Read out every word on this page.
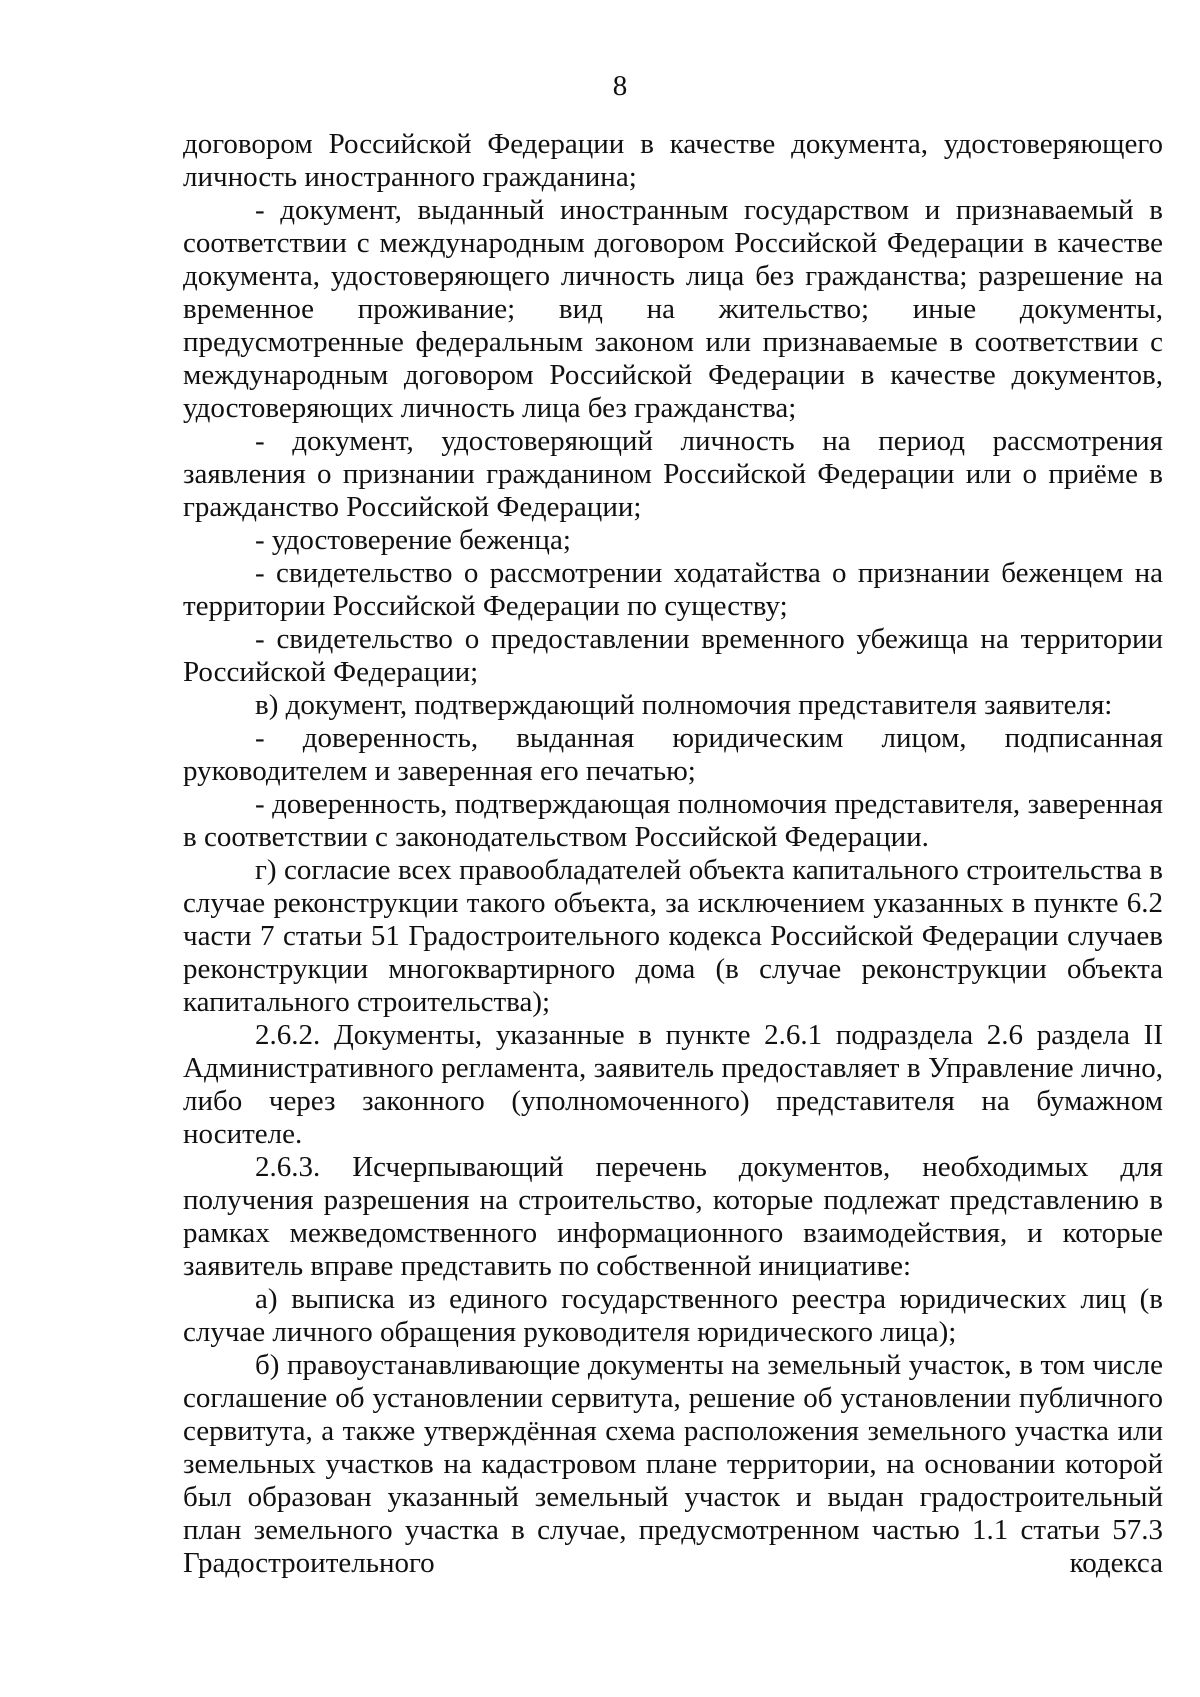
8

договором Российской Федерации в качестве документа, удостоверяющего личность иностранного гражданина;

- документ, выданный иностранным государством и признаваемый в соответствии с международным договором Российской Федерации в качестве документа, удостоверяющего личность лица без гражданства; разрешение на временное проживание; вид на жительство; иные документы, предусмотренные федеральным законом или признаваемые в соответствии с международным договором Российской Федерации в качестве документов, удостоверяющих личность лица без гражданства;

- документ, удостоверяющий личность на период рассмотрения заявления о признании гражданином Российской Федерации или о приёме в гражданство Российской Федерации;

- удостоверение беженца;

- свидетельство о рассмотрении ходатайства о признании беженцем на территории Российской Федерации по существу;

- свидетельство о предоставлении временного убежища на территории Российской Федерации;

в) документ, подтверждающий полномочия представителя заявителя:

- доверенность, выданная юридическим лицом, подписанная руководителем и заверенная его печатью;

- доверенность, подтверждающая полномочия представителя, заверенная в соответствии с законодательством Российской Федерации.

г) согласие всех правообладателей объекта капитального строительства в случае реконструкции такого объекта, за исключением указанных в пункте 6.2 части 7 статьи 51 Градостроительного кодекса Российской Федерации случаев реконструкции многоквартирного дома (в случае реконструкции объекта капитального строительства);

2.6.2. Документы, указанные в пункте 2.6.1 подраздела 2.6 раздела II Административного регламента, заявитель предоставляет в Управление лично, либо через законного (уполномоченного) представителя на бумажном носителе.

2.6.3. Исчерпывающий перечень документов, необходимых для получения разрешения на строительство, которые подлежат представлению в рамках межведомственного информационного взаимодействия, и которые заявитель вправе представить по собственной инициативе:

а) выписка из единого государственного реестра юридических лиц (в случае личного обращения руководителя юридического лица);

б) правоустанавливающие документы на земельный участок, в том числе соглашение об установлении сервитута, решение об установлении публичного сервитута, а также утверждённая схема расположения земельного участка или земельных участков на кадастровом плане территории, на основании которой был образован указанный земельный участок и выдан градостроительный план земельного участка в случае, предусмотренном частью 1.1 статьи 57.3 Градостроительного кодекса
